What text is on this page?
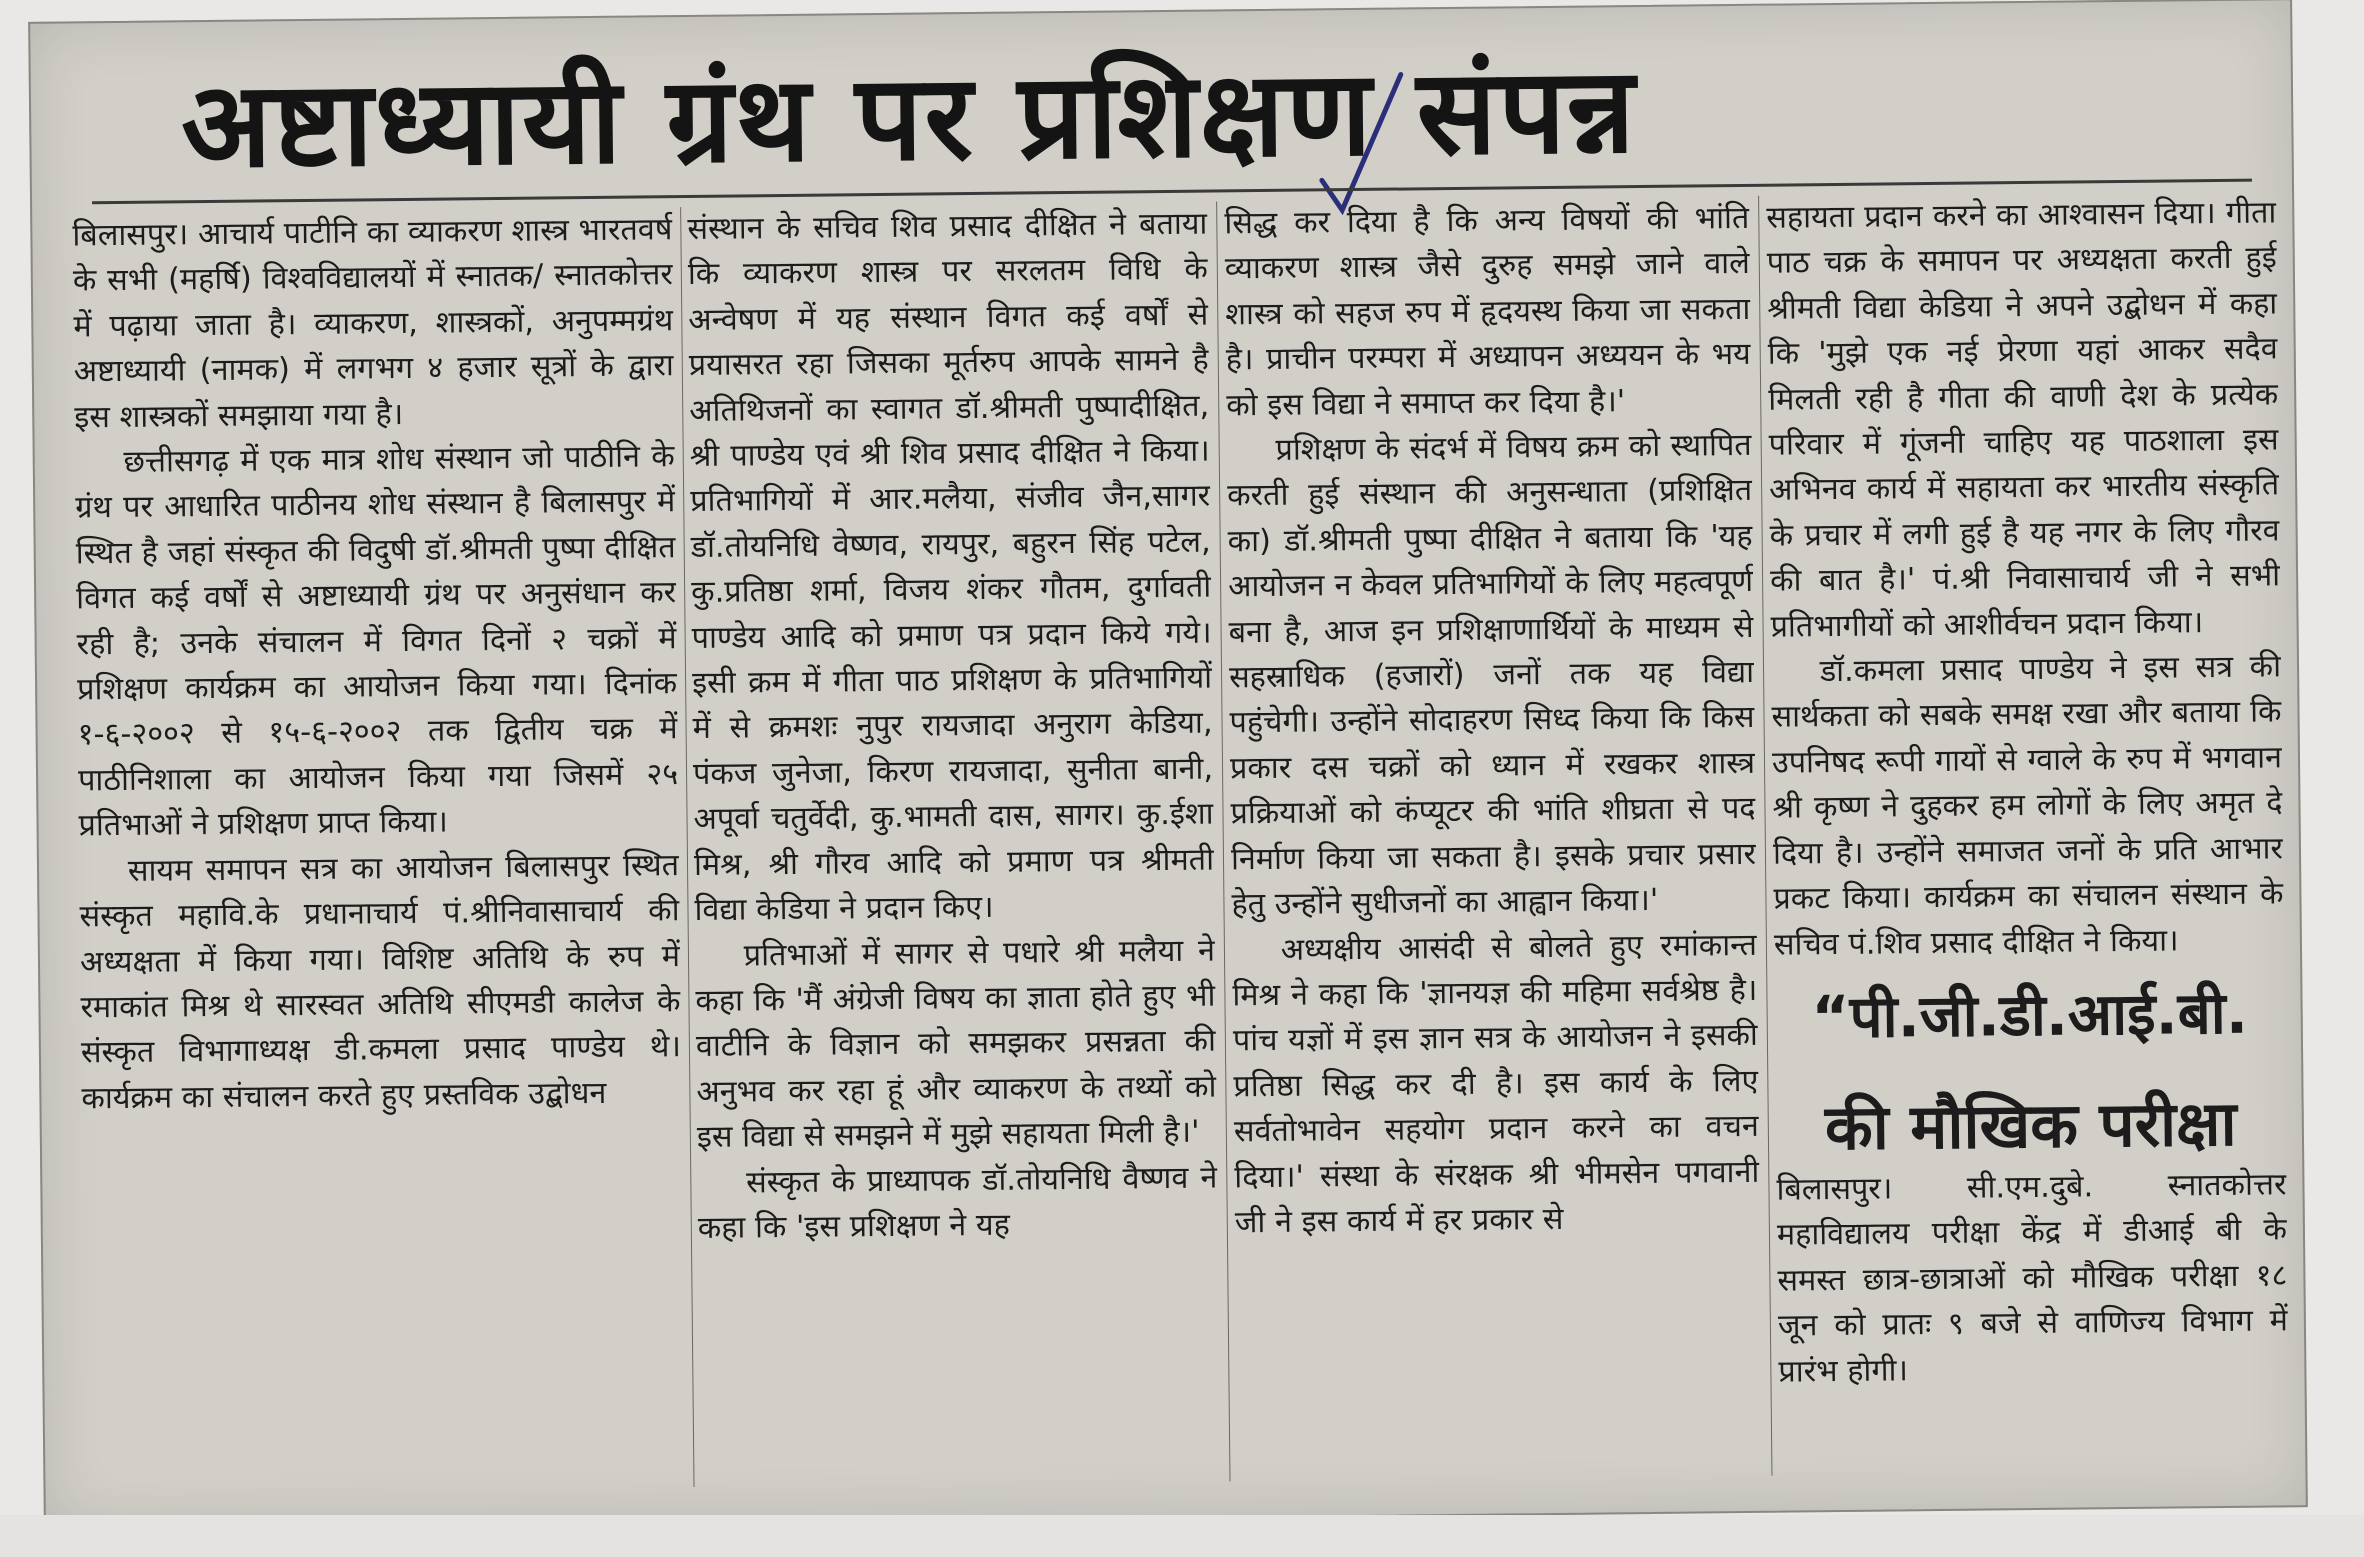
अष्टाध्यायी ग्रंथ पर प्रशिक्षण संपन्न

बिलासपुर। आचार्य पाटीनि का व्याकरण शास्त्र भारतवर्ष के सभी (महर्षि) विश्वविद्यालयों में स्नातक/ स्नातकोत्तर में पढ़ाया जाता है। व्याकरण, शास्त्रकों, अनुपम्मग्रंथ अष्टाध्यायी (नामक) में लगभग ४ हजार सूत्रों के द्वारा इस शास्त्रकों समझाया गया है।

छत्तीसगढ़ में एक मात्र शोध संस्थान जो पाठीनि के ग्रंथ पर आधारित पाठीनय शोध संस्थान है बिलासपुर में स्थित है जहां संस्कृत की विदुषी डॉ.श्रीमती पुष्पा दीक्षित विगत कई वर्षों से अष्टाध्यायी ग्रंथ पर अनुसंधान कर रही है; उनके संचालन में विगत दिनों २ चक्रों में प्रशिक्षण कार्यक्रम का आयोजन किया गया। दिनांक १-६-२००२ से १५-६-२००२ तक द्वितीय चक्र में पाठीनिशाला का आयोजन किया गया जिसमें २५ प्रतिभाओं ने प्रशिक्षण प्राप्त किया।

सायम समापन सत्र का आयोजन बिलासपुर स्थित संस्कृत महावि.के प्रधानाचार्य पं.श्रीनिवासाचार्य की अध्यक्षता में किया गया। विशिष्ट अतिथि के रुप में रमाकांत मिश्र थे सारस्वत अतिथि सीएमडी कालेज के संस्कृत विभागाध्यक्ष डी.कमला प्रसाद पाण्डेय थे। कार्यक्रम का संचालन करते हुए प्रस्तविक उद्बोधन

संस्थान के सचिव शिव प्रसाद दीक्षित ने बताया कि व्याकरण शास्त्र पर सरलतम विधि के अन्वेषण में यह संस्थान विगत कई वर्षों से प्रयासरत रहा जिसका मूर्तरुप आपके सामने है अतिथिजनों का स्वागत डॉ.श्रीमती पुष्पादीक्षित, श्री पाण्डेय एवं श्री शिव प्रसाद दीक्षित ने किया। प्रतिभागियों में आर.मलैया, संजीव जैन,सागर डॉ.तोयनिधि वेष्णव, रायपुर, बहुरन सिंह पटेल, कु.प्रतिष्ठा शर्मा, विजय शंकर गौतम, दुर्गावती पाण्डेय आदि को प्रमाण पत्र प्रदान किये गये। इसी क्रम में गीता पाठ प्रशिक्षण के प्रतिभागियों में से क्रमशः नुपुर रायजादा अनुराग केडिया, पंकज जुनेजा, किरण रायजादा, सुनीता बानी, अपूर्वा चतुर्वेदी, कु.भामती दास, सागर। कु.ईशा मिश्र, श्री गौरव आदि को प्रमाण पत्र श्रीमती विद्या केडिया ने प्रदान किए।

प्रतिभाओं में सागर से पधारे श्री मलैया ने कहा कि 'मैं अंग्रेजी विषय का ज्ञाता होते हुए भी वाटीनि के विज्ञान को समझकर प्रसन्नता की अनुभव कर रहा हूं और व्याकरण के तथ्यों को इस विद्या से समझने में मुझे सहायता मिली है।'

संस्कृत के प्राध्यापक डॉ.तोयनिधि वैष्णव ने कहा कि 'इस प्रशिक्षण ने यह

सिद्ध कर दिया है कि अन्य विषयों की भांति व्याकरण शास्त्र जैसे दुरुह समझे जाने वाले शास्त्र को सहज रुप में हृदयस्थ किया जा सकता है। प्राचीन परम्परा में अध्यापन अध्ययन के भय को इस विद्या ने समाप्त कर दिया है।'

प्रशिक्षण के संदर्भ में विषय क्रम को स्थापित करती हुई संस्थान की अनुसन्धाता (प्रशिक्षित का) डॉ.श्रीमती पुष्पा दीक्षित ने बताया कि 'यह आयोजन न केवल प्रतिभागियों के लिए महत्वपूर्ण बना है, आज इन प्रशिक्षाणार्थियों के माध्यम से सहस्राधिक (हजारों) जनों तक यह विद्या पहुंचेगी। उन्होंने सोदाहरण सिध्द किया कि किस प्रकार दस चक्रों को ध्यान में रखकर शास्त्र प्रक्रियाओं को कंप्यूटर की भांति शीघ्रता से पद निर्माण किया जा सकता है। इसके प्रचार प्रसार हेतु उन्होंने सुधीजनों का आह्वान किया।'

अध्यक्षीय आसंदी से बोलते हुए रमांकान्त मिश्र ने कहा कि 'ज्ञानयज्ञ की महिमा सर्वश्रेष्ठ है। पांच यज्ञों में इस ज्ञान सत्र के आयोजन ने इसकी प्रतिष्ठा सिद्ध कर दी है। इस कार्य के लिए सर्वतोभावेन सहयोग प्रदान करने का वचन दिया।' संस्था के संरक्षक श्री भीमसेन पगवानी जी ने इस कार्य में हर प्रकार से

सहायता प्रदान करने का आश्वासन दिया। गीता पाठ चक्र के समापन पर अध्यक्षता करती हुई श्रीमती विद्या केडिया ने अपने उद्बोधन में कहा कि 'मुझे एक नई प्रेरणा यहां आकर सदैव मिलती रही है गीता की वाणी देश के प्रत्येक परिवार में गूंजनी चाहिए यह पाठशाला इस अभिनव कार्य में सहायता कर भारतीय संस्कृति के प्रचार में लगी हुई है यह नगर के लिए गौरव की बात है।' पं.श्री निवासाचार्य जी ने सभी प्रतिभागीयों को आशीर्वचन प्रदान किया।

डॉ.कमला प्रसाद पाण्डेय ने इस सत्र की सार्थकता को सबके समक्ष रखा और बताया कि उपनिषद रूपी गायों से ग्वाले के रुप में भगवान श्री कृष्ण ने दुहकर हम लोगों के लिए अमृत दे दिया है। उन्होंने समाजत जनों के प्रति आभार प्रकट किया। कार्यक्रम का संचालन संस्थान के सचिव पं.शिव प्रसाद दीक्षित ने किया।

“पी.जी.डी.आई.बी.

की मौखिक परीक्षा

बिलासपुर। सी.एम.दुबे. स्नातकोत्तर महाविद्यालय परीक्षा केंद्र में डीआई बी के समस्त छात्र-छात्राओं को मौखिक परीक्षा १८ जून को प्रातः ९ बजे से वाणिज्य विभाग में प्रारंभ होगी।
